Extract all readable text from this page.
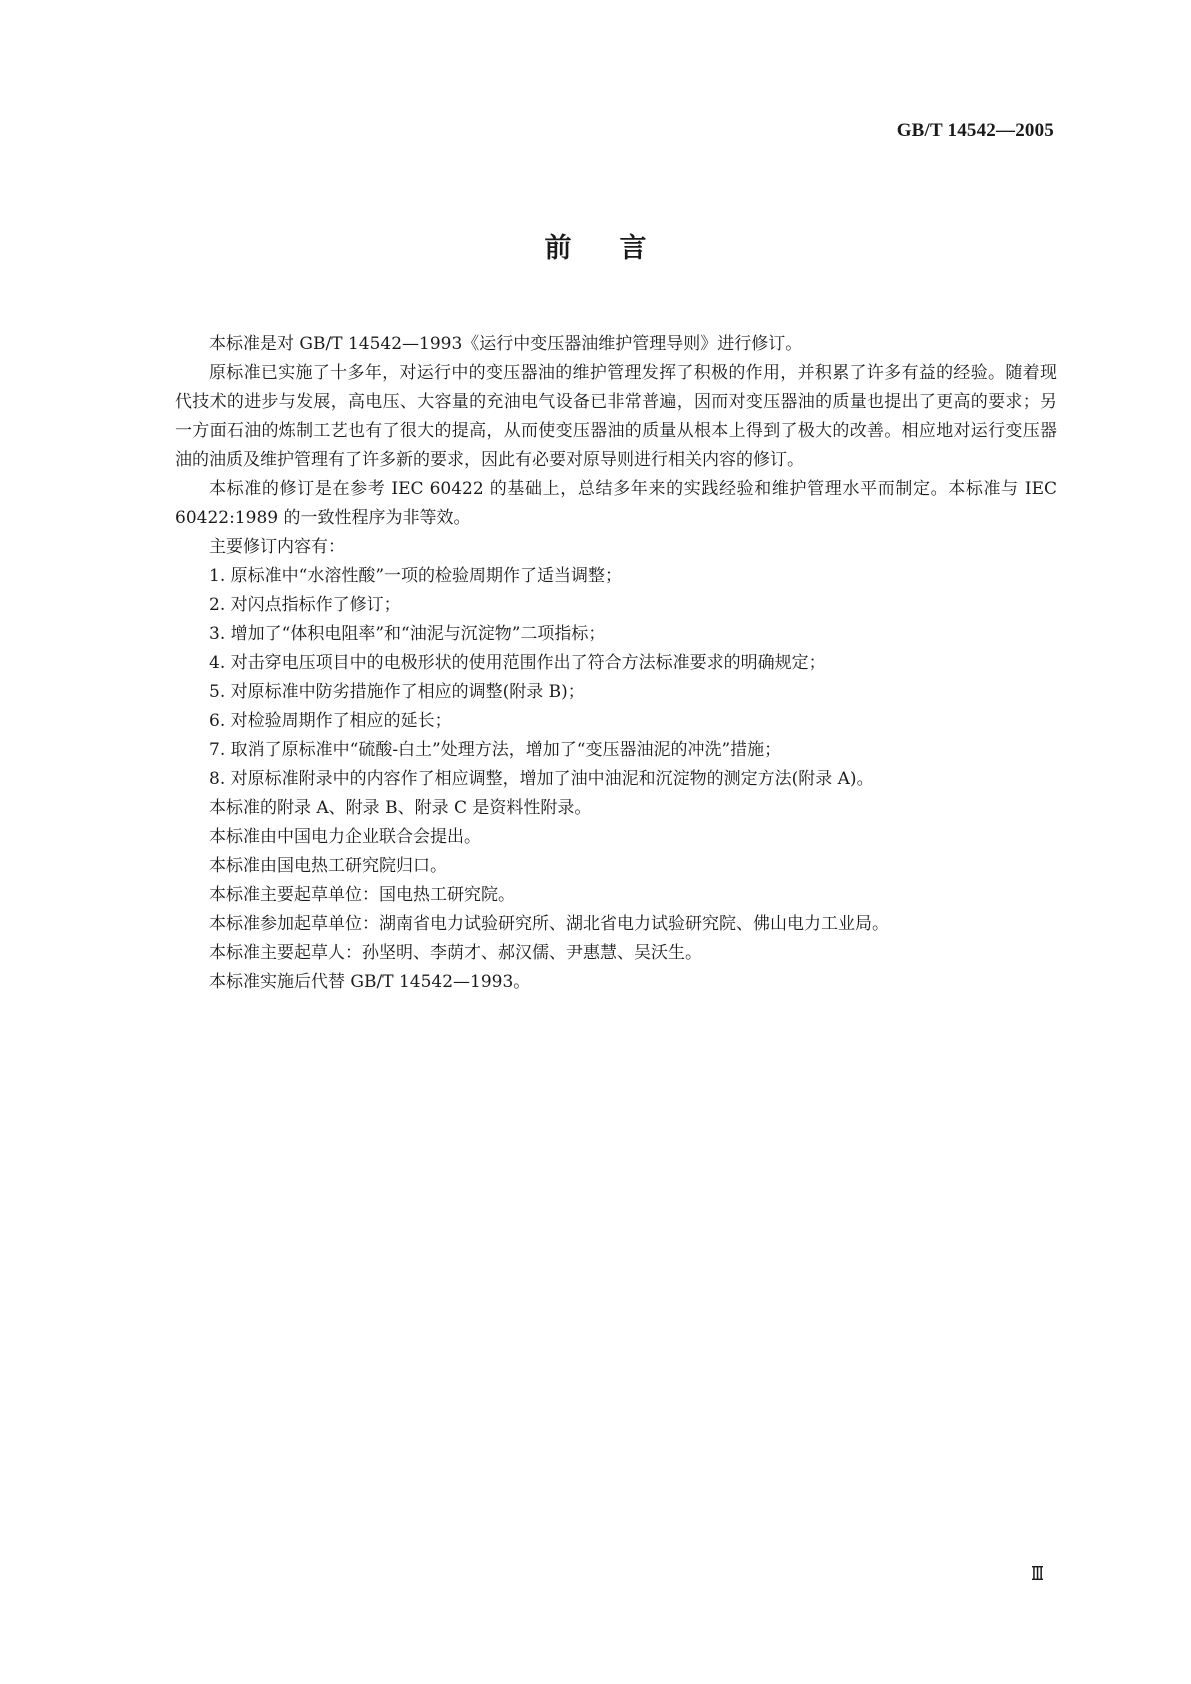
GB/T 14542—2005
前言

本标准是对 GB/T 14542—1993《运行中变压器油维护管理导则》进行修订。

原标准已实施了十多年，对运行中的变压器油的维护管理发挥了积极的作用，并积累了许多有益的经验。随着现代技术的进步与发展，高电压、大容量的充油电气设备已非常普遍，因而对变压器油的质量也提出了更高的要求；另一方面石油的炼制工艺也有了很大的提高，从而使变压器油的质量从根本上得到了极大的改善。相应地对运行变压器油的油质及维护管理有了许多新的要求，因此有必要对原导则进行相关内容的修订。

本标准的修订是在参考 IEC 60422 的基础上，总结多年来的实践经验和维护管理水平而制定。本标准与 IEC 60422:1989 的一致性程序为非等效。

主要修订内容有：

1. 原标准中“水溶性酸”一项的检验周期作了适当调整；

2. 对闪点指标作了修订；

3. 增加了“体积电阻率”和“油泥与沉淀物”二项指标；

4. 对击穿电压项目中的电极形状的使用范围作出了符合方法标准要求的明确规定；

5. 对原标准中防劣措施作了相应的调整(附录 B)；

6. 对检验周期作了相应的延长；

7. 取消了原标准中“硫酸-白土”处理方法，增加了“变压器油泥的冲洗”措施；

8. 对原标准附录中的内容作了相应调整，增加了油中油泥和沉淀物的测定方法(附录 A)。

本标准的附录 A、附录 B、附录 C 是资料性附录。

本标准由中国电力企业联合会提出。

本标准由国电热工研究院归口。

本标准主要起草单位：国电热工研究院。

本标准参加起草单位：湖南省电力试验研究所、湖北省电力试验研究院、佛山电力工业局。

本标准主要起草人：孙坚明、李荫才、郝汉儒、尹惠慧、吴沃生。

本标准实施后代替 GB/T 14542—1993。
